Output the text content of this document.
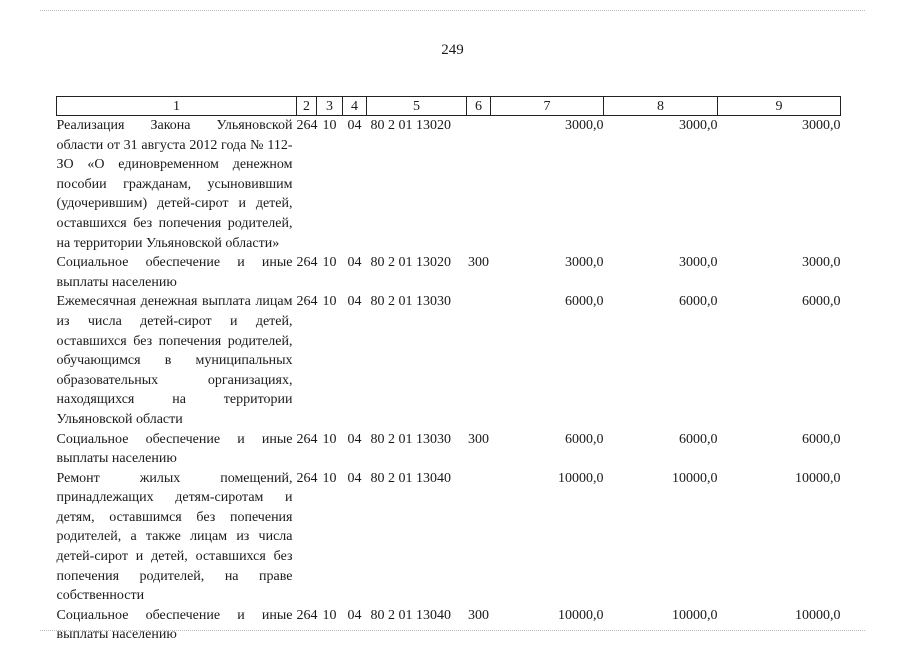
249
1	2	3	4	5	6	7	8	9
Реализация Закона Ульяновской области от 31 августа 2012 года № 112-ЗО «О единовременном денежном пособии гражданам, усыновившим (удочерившим) детей-сирот и детей, оставшихся без попечения родителей, на территории Ульяновской области»	264	10	04	80 2 01 13020		3000,0	3000,0	3000,0
Социальное обеспечение и иные выплаты населению	264	10	04	80 2 01 13020	300	3000,0	3000,0	3000,0
Ежемесячная денежная выплата лицам из числа детей-сирот и детей, оставшихся без попечения родителей, обучающимся в муниципальных образовательных организациях, находящихся на территории Ульяновской области	264	10	04	80 2 01 13030		6000,0	6000,0	6000,0
Социальное обеспечение и иные выплаты населению	264	10	04	80 2 01 13030	300	6000,0	6000,0	6000,0
Ремонт жилых помещений, принадлежащих детям-сиротам и детям, оставшимся без попечения родителей, а также лицам из числа детей-сирот и детей, оставшихся без попечения родителей, на праве собственности	264	10	04	80 2 01 13040		10000,0	10000,0	10000,0
Социальное обеспечение и иные выплаты населению	264	10	04	80 2 01 13040	300	10000,0	10000,0	10000,0
